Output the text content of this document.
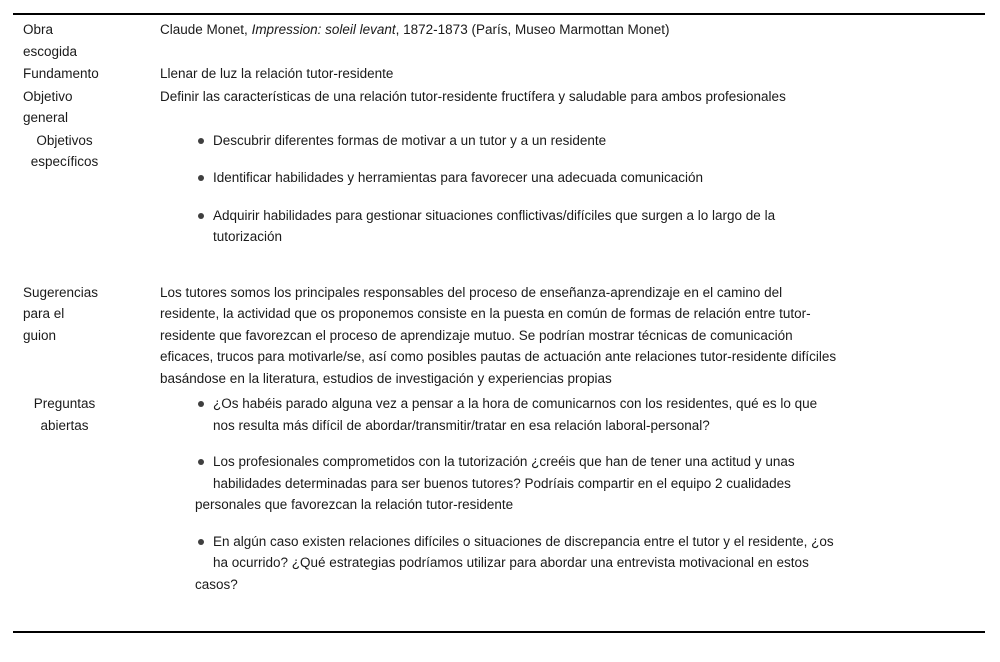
Obra
escogida
Claude Monet, Impression: soleil levant, 1872-1873 (París, Museo Marmottan Monet)
Fundamento	Llenar de luz la relación tutor-residente
Objetivo
general
Definir las características de una relación tutor-residente fructífera y saludable para ambos profesionales
Objetivos
específicos
Descubrir diferentes formas de motivar a un tutor y a un residente
Identificar habilidades y herramientas para favorecer una adecuada comunicación
Adquirir habilidades para gestionar situaciones conflictivas/difíciles que surgen a lo largo de la
tutorización
Sugerencias
para el
guion
Los tutores somos los principales responsables del proceso de enseñanza-aprendizaje en el camino del
residente, la actividad que os proponemos consiste en la puesta en común de formas de relación entre tutor-
residente que favorezcan el proceso de aprendizaje mutuo. Se podrían mostrar técnicas de comunicación
eficaces, trucos para motivarle/se, así como posibles pautas de actuación ante relaciones tutor-residente difíciles
basándose en la literatura, estudios de investigación y experiencias propias
Preguntas
abiertas
¿Os habéis parado alguna vez a pensar a la hora de comunicarnos con los residentes, qué es lo que
nos resulta más difícil de abordar/transmitir/tratar en esa relación laboral-personal?
Los profesionales comprometidos con la tutorización ¿creéis que han de tener una actitud y unas
habilidades determinadas para ser buenos tutores? Podríais compartir en el equipo 2 cualidades
personales que favorezcan la relación tutor-residente
En algún caso existen relaciones difíciles o situaciones de discrepancia entre el tutor y el residente, ¿os
ha ocurrido? ¿Qué estrategias podríamos utilizar para abordar una entrevista motivacional en estos
casos?
